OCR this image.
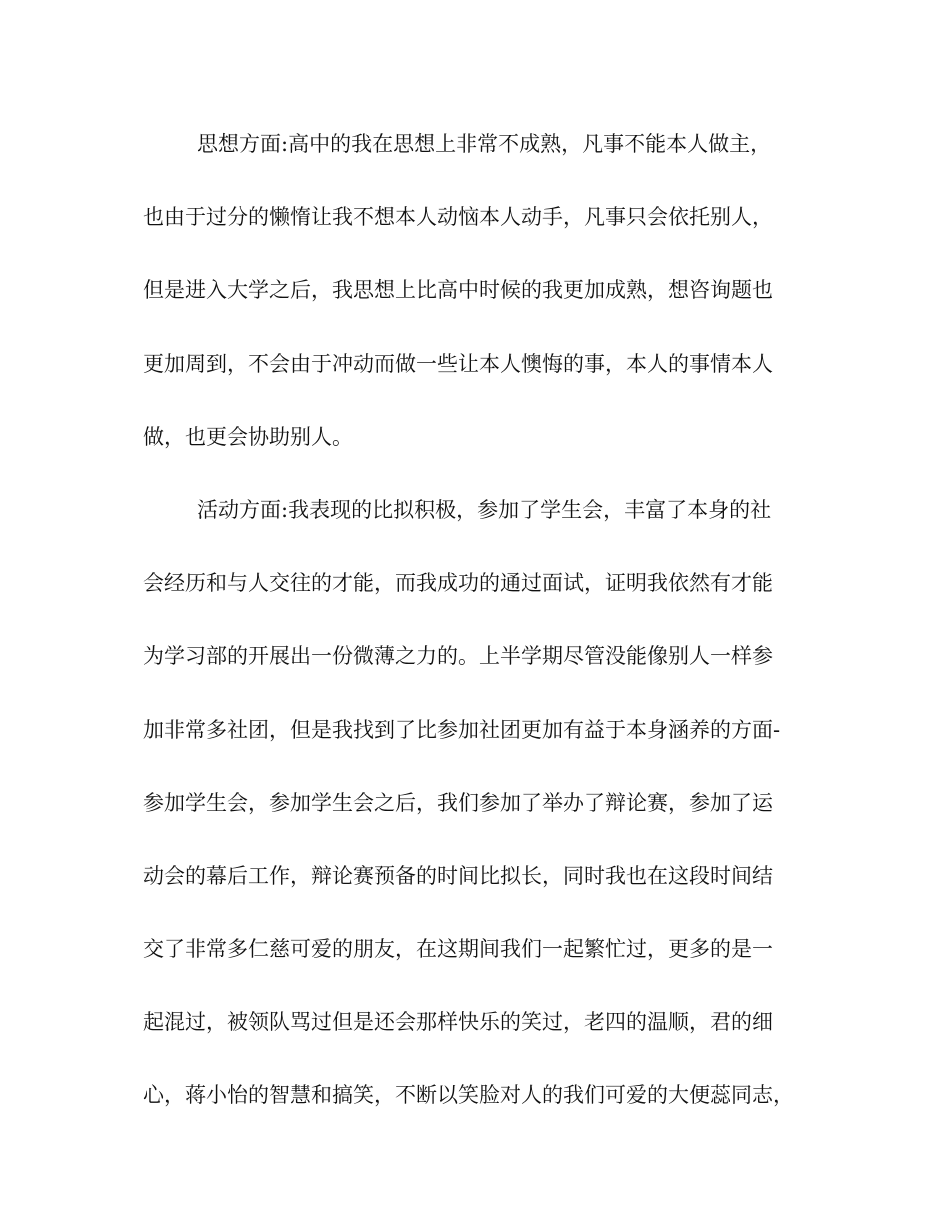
思想方面:高中的我在思想上非常不成熟，凡事不能本人做主，
也由于过分的懒惰让我不想本人动恼本人动手，凡事只会依托别人，
但是进入大学之后，我思想上比高中时候的我更加成熟，想咨询题也
更加周到，不会由于冲动而做一些让本人懊悔的事，本人的事情本人
做，也更会协助别人。
活动方面:我表现的比拟积极，参加了学生会，丰富了本身的社
会经历和与人交往的才能，而我成功的通过面试，证明我依然有才能
为学习部的开展出一份微薄之力的。上半学期尽管没能像别人一样参
加非常多社团，但是我找到了比参加社团更加有益于本身涵养的方面-
参加学生会，参加学生会之后，我们参加了举办了辩论赛，参加了运
动会的幕后工作，辩论赛预备的时间比拟长，同时我也在这段时间结
交了非常多仁慈可爱的朋友，在这期间我们一起繁忙过，更多的是一
起混过，被领队骂过但是还会那样快乐的笑过，老四的温顺，君的细
心，蒋小怡的智慧和搞笑，不断以笑脸对人的我们可爱的大便蕊同志，
